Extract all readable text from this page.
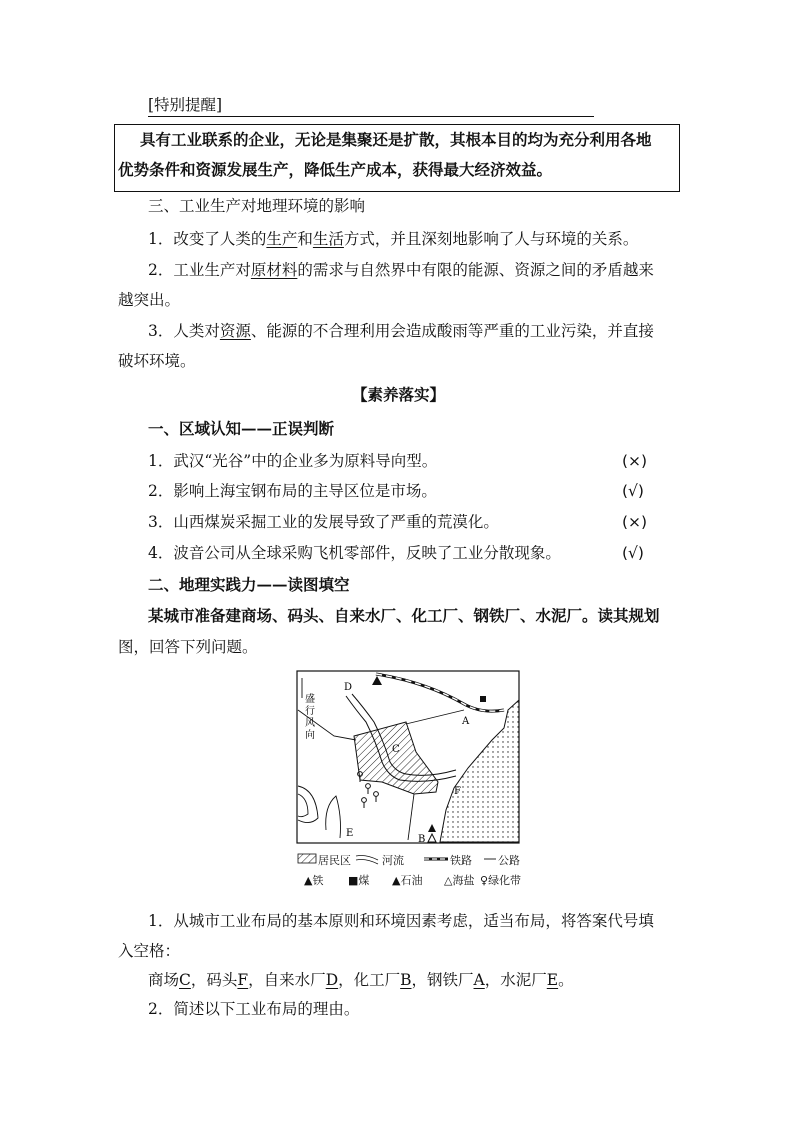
[特别提醒]
具有工业联系的企业，无论是集聚还是扩散，其根本目的均为充分利用各地
优势条件和资源发展生产，降低生产成本，获得最大经济效益。
三、工业生产对地理环境的影响
1．改变了人类的生产和生活方式，并且深刻地影响了人与环境的关系。
2．工业生产对原材料的需求与自然界中有限的能源、资源之间的矛盾越来
越突出。
3．人类对资源、能源的不合理利用会造成酸雨等严重的工业污染，并直接
破坏环境。
【素养落实】
一、区域认知——正误判断
1．武汉“光谷”中的企业多为原料导向型。	(×)
2．影响上海宝钢布局的主导区位是市场。	(√)
3．山西煤炭采掘工业的发展导致了严重的荒漠化。	(×)
4．波音公司从全球采购飞机零部件，反映了工业分散现象。	(√)
二、地理实践力——读图填空
某城市准备建商场、码头、自来水厂、化工厂、钢铁厂、水泥厂。读其规划
图，回答下列问题。
盛
行
风
向
D
A
C
F
E
B
居民区	河流	铁路 公路
▲铁 ■煤 ▲石油 △海盐 ♀绿化带
1．从城市工业布局的基本原则和环境因素考虑，适当布局，将答案代号填
入空格：
商场C，码头F，自来水厂D，化工厂B，钢铁厂A，水泥厂E。
2．简述以下工业布局的理由。
